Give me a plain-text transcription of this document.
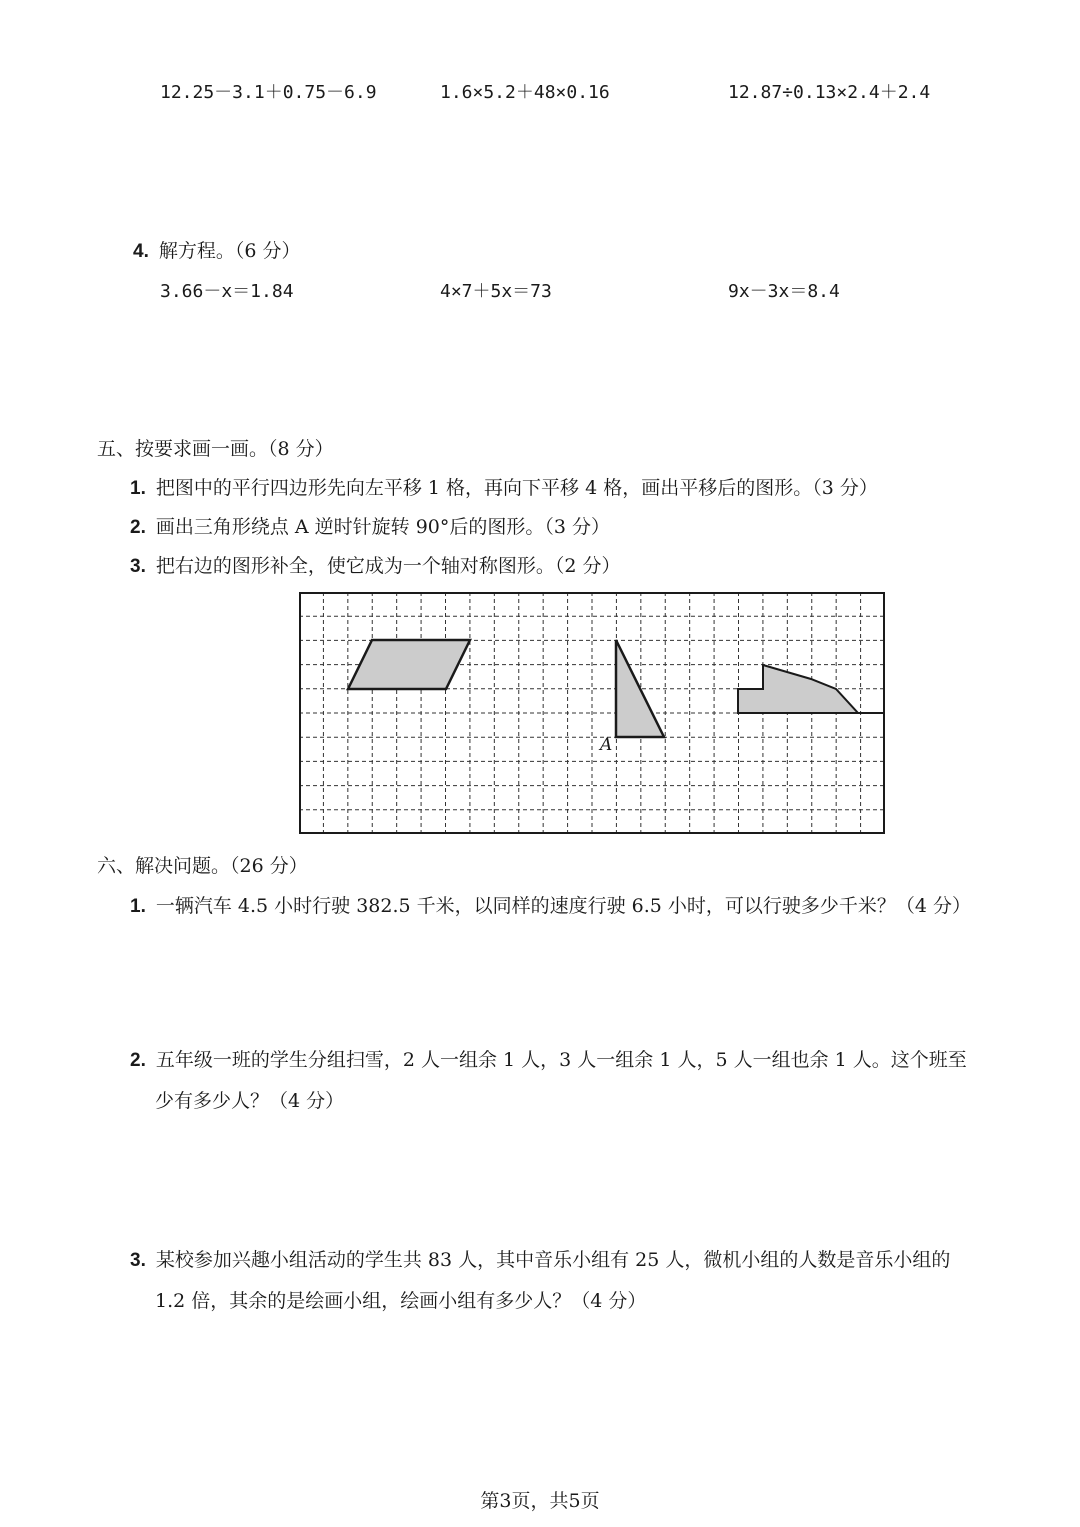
12.25－3.1＋0.75－6.9	1.6×5.2＋48×0.16	12.87÷0.13×2.4＋2.4
4. 解方程。（6 分）
3.66－x＝1.84	4×7＋5x＝73	9x－3x＝8.4
五、按要求画一画。（8 分）
1. 把图中的平行四边形先向左平移 1 格，再向下平移 4 格，画出平移后的图形。（3 分）
2. 画出三角形绕点 A 逆时针旋转 90°后的图形。（3 分）
3. 把右边的图形补全，使它成为一个轴对称图形。（2 分）
A
六、解决问题。（26 分）
1. 一辆汽车 4.5 小时行驶 382.5 千米，以同样的速度行驶 6.5 小时，可以行驶多少千米？（4 分）
2. 五年级一班的学生分组扫雪，2 人一组余 1 人，3 人一组余 1 人，5 人一组也余 1 人。这个班至
少有多少人？（4 分）
3. 某校参加兴趣小组活动的学生共 83 人，其中音乐小组有 25 人，微机小组的人数是音乐小组的
1.2 倍，其余的是绘画小组，绘画小组有多少人？（4 分）
第3页，共5页
